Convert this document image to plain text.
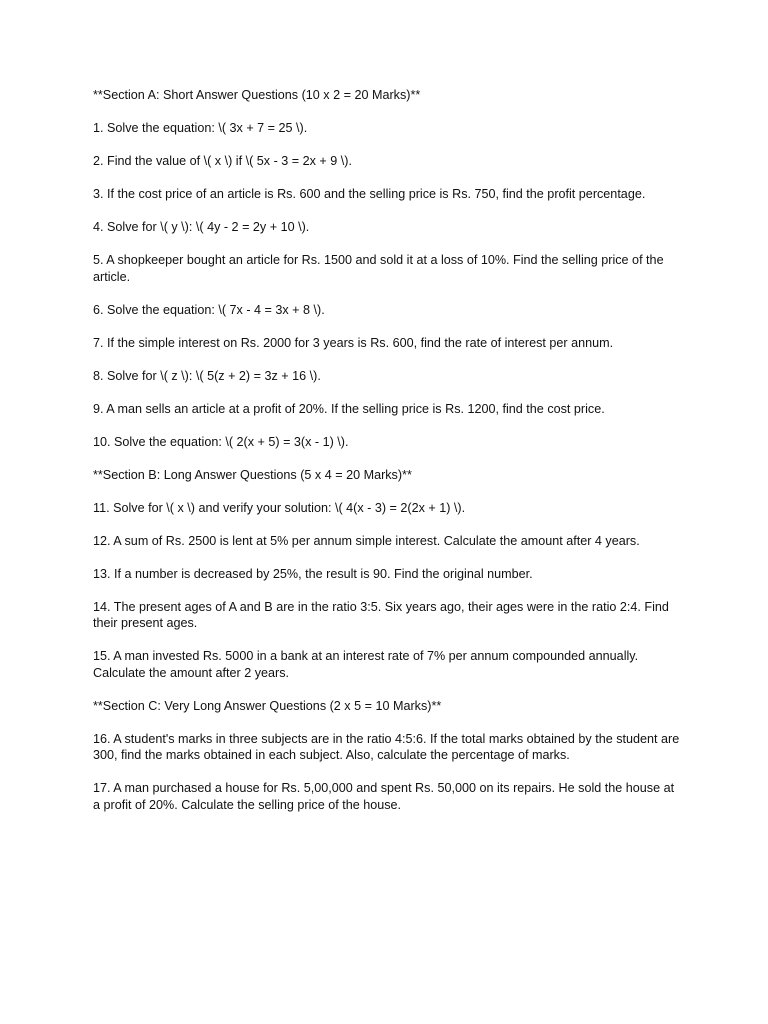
**Section A: Short Answer Questions (10 x 2 = 20 Marks)**

1. Solve the equation: \( 3x + 7 = 25 \).

2. Find the value of \( x \) if \( 5x - 3 = 2x + 9 \).

3. If the cost price of an article is Rs. 600 and the selling price is Rs. 750, find the profit percentage.

4. Solve for \( y \): \( 4y - 2 = 2y + 10 \).

5. A shopkeeper bought an article for Rs. 1500 and sold it at a loss of 10%. Find the selling price of the article.

6. Solve the equation: \( 7x - 4 = 3x + 8 \).

7. If the simple interest on Rs. 2000 for 3 years is Rs. 600, find the rate of interest per annum.

8. Solve for \( z \): \( 5(z + 2) = 3z + 16 \).

9. A man sells an article at a profit of 20%. If the selling price is Rs. 1200, find the cost price.

10. Solve the equation: \( 2(x + 5) = 3(x - 1) \).

**Section B: Long Answer Questions (5 x 4 = 20 Marks)**

11. Solve for \( x \) and verify your solution: \( 4(x - 3) = 2(2x + 1) \).

12. A sum of Rs. 2500 is lent at 5% per annum simple interest. Calculate the amount after 4 years.

13. If a number is decreased by 25%, the result is 90. Find the original number.

14. The present ages of A and B are in the ratio 3:5. Six years ago, their ages were in the ratio 2:4. Find their present ages.

15. A man invested Rs. 5000 in a bank at an interest rate of 7% per annum compounded annually. Calculate the amount after 2 years.

**Section C: Very Long Answer Questions (2 x 5 = 10 Marks)**

16. A student's marks in three subjects are in the ratio 4:5:6. If the total marks obtained by the student are 300, find the marks obtained in each subject. Also, calculate the percentage of marks.

17. A man purchased a house for Rs. 5,00,000 and spent Rs. 50,000 on its repairs. He sold the house at a profit of 20%. Calculate the selling price of the house.
